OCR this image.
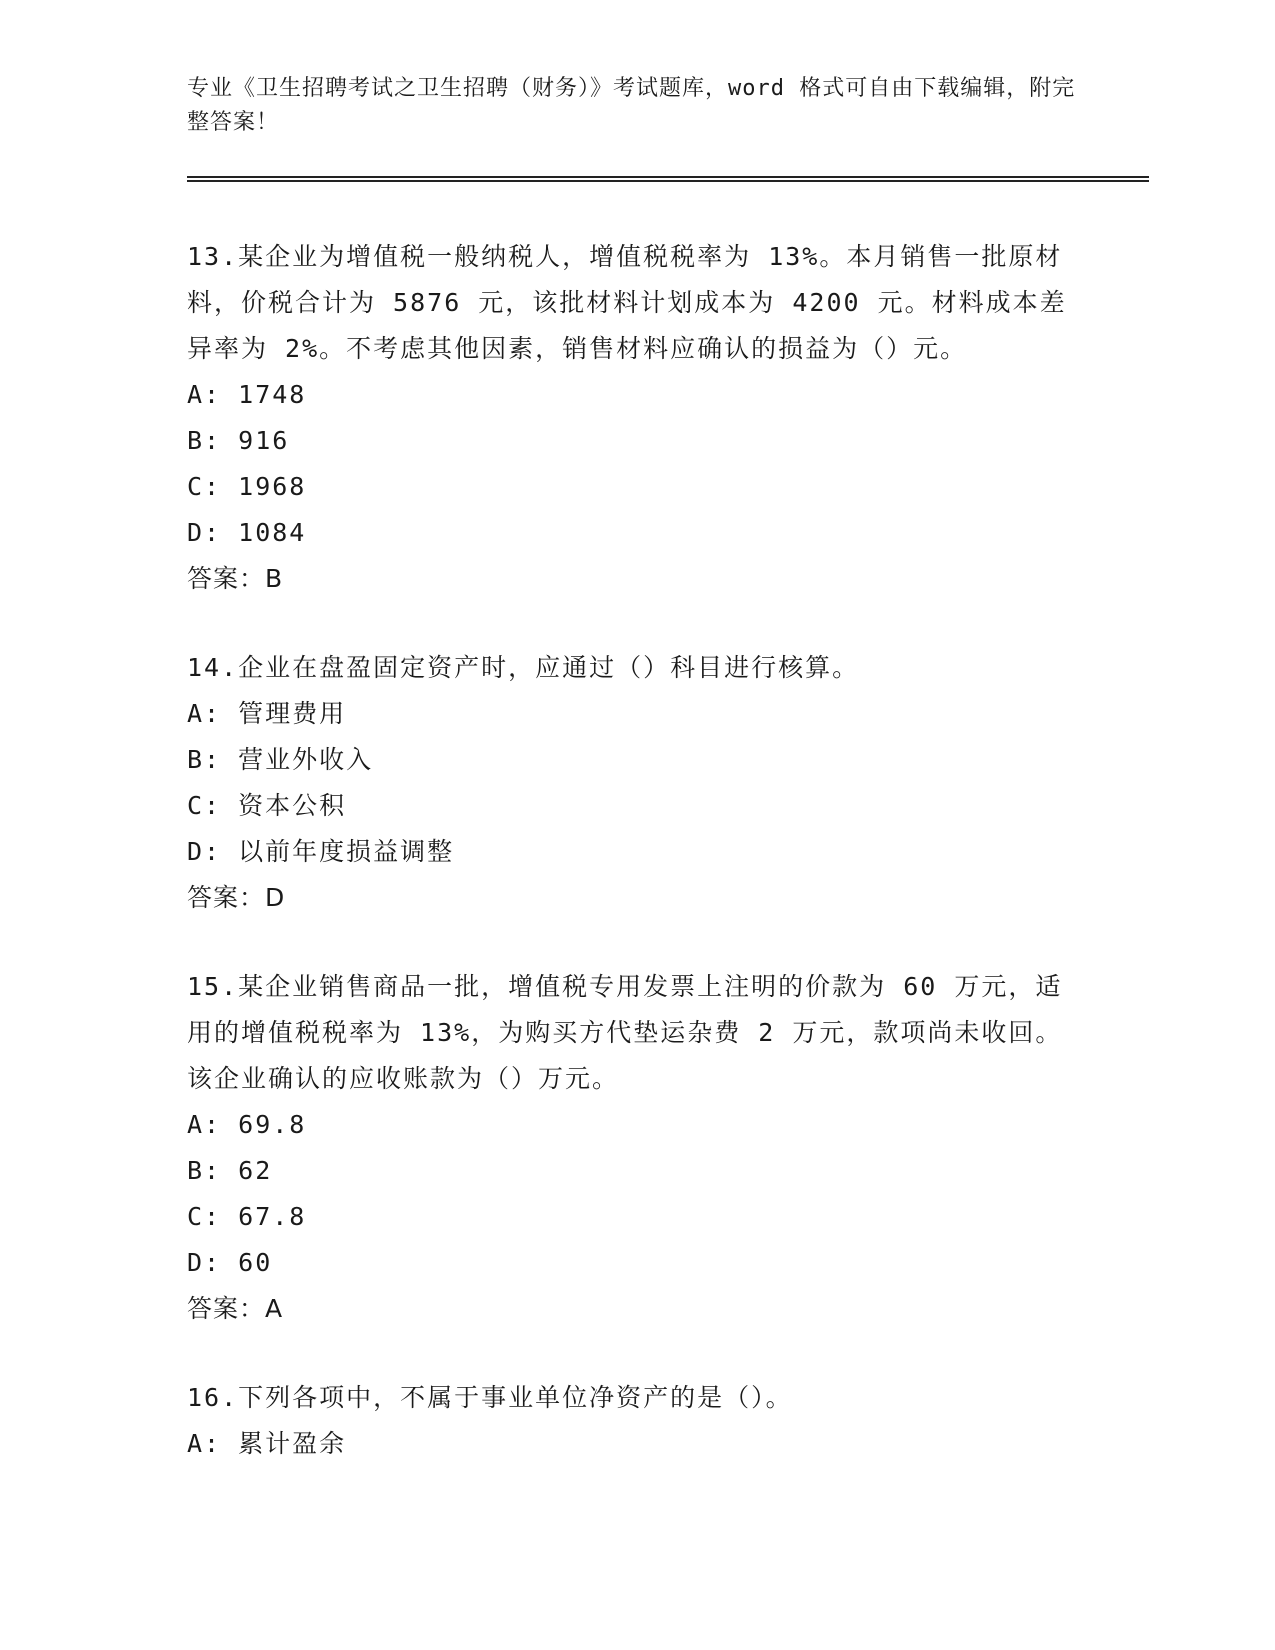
专业《卫生招聘考试之卫生招聘（财务）》考试题库，word 格式可自由下载编辑，附完整答案！

13.某企业为增值税一般纳税人，增值税税率为 13%。本月销售一批原材料，价税合计为 5876 元，该批材料计划成本为 4200 元。材料成本差异率为 2%。不考虑其他因素，销售材料应确认的损益为（）元。

A: 1748
B: 916
C: 1968
D: 1084
答案：B

14.企业在盘盈固定资产时，应通过（）科目进行核算。

A: 管理费用
B: 营业外收入
C: 资本公积
D: 以前年度损益调整
答案：D

15.某企业销售商品一批，增值税专用发票上注明的价款为 60 万元，适用的增值税税率为 13%，为购买方代垫运杂费 2 万元，款项尚未收回。该企业确认的应收账款为（）万元。

A: 69.8
B: 62
C: 67.8
D: 60
答案：A

16.下列各项中，不属于事业单位净资产的是（）。

A: 累计盈余
